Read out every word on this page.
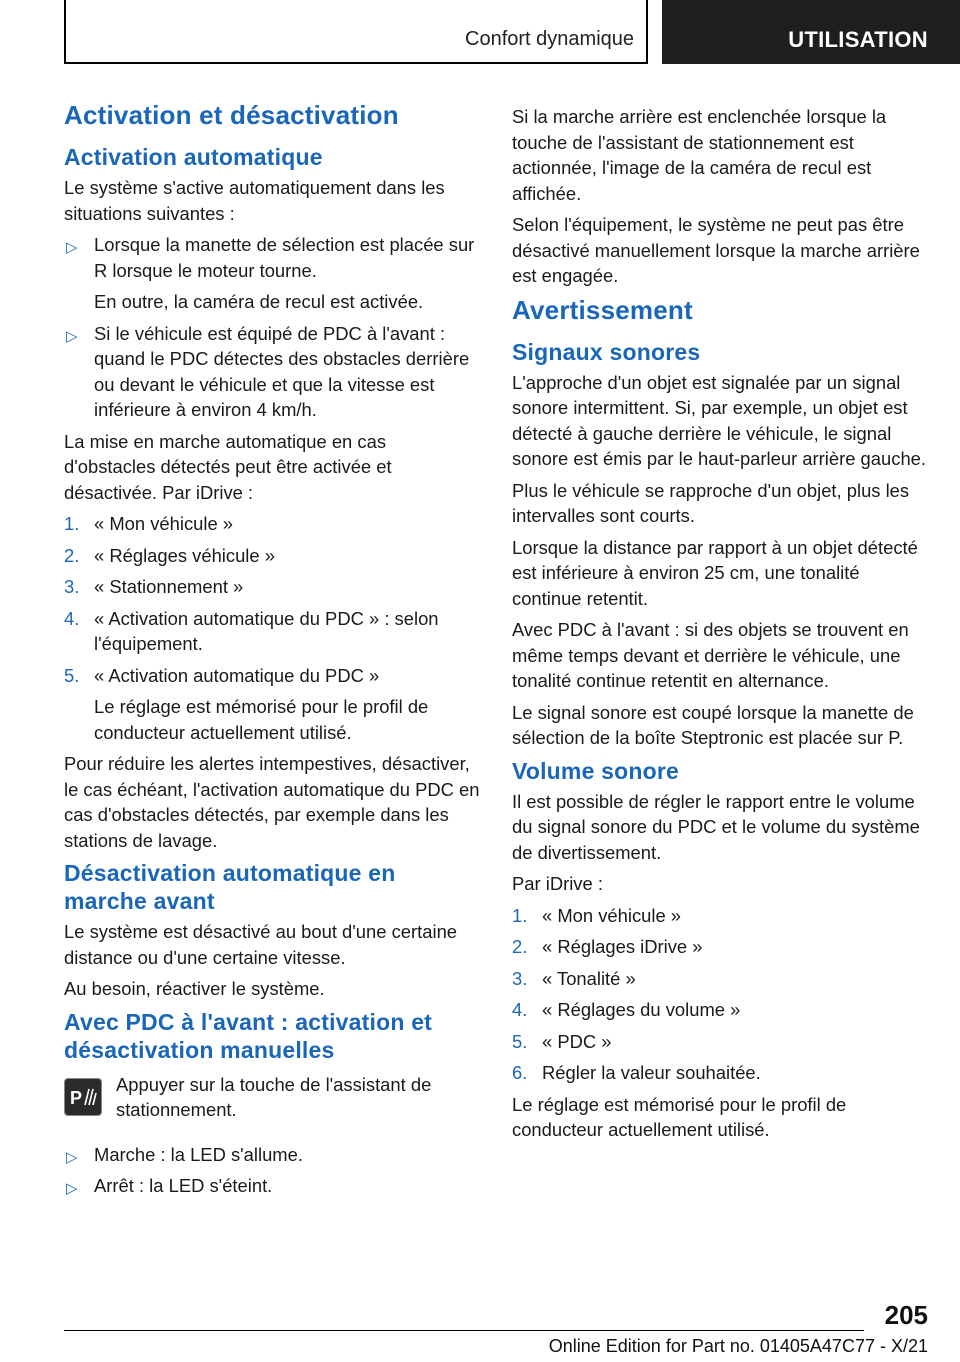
Confort dynamique	UTILISATION
Activation et désactivation
Activation automatique

Le système s'active automatiquement dans les situations suivantes :

▷ Lorsque la manette de sélection est placée sur R lorsque le moteur tourne.
En outre, la caméra de recul est activée.
▷ Si le véhicule est équipé de PDC à l'avant : quand le PDC détectes des obstacles derrière ou devant le véhicule et que la vitesse est inférieure à environ 4 km/h.

La mise en marche automatique en cas d'obstacles détectés peut être activée et désactivée. Par iDrive :

1. « Mon véhicule »
2. « Réglages véhicule »
3. « Stationnement »
4. « Activation automatique du PDC » : selon l'équipement.
5. « Activation automatique du PDC »
Le réglage est mémorisé pour le profil de conducteur actuellement utilisé.

Pour réduire les alertes intempestives, désactiver, le cas échéant, l'activation automatique du PDC en cas d'obstacles détectés, par exemple dans les stations de lavage.

Désactivation automatique en marche avant

Le système est désactivé au bout d'une certaine distance ou d'une certaine vitesse.

Au besoin, réactiver le système.

Avec PDC à l'avant : activation et désactivation manuelles
P

Appuyer sur la touche de l'assistant de stationnement.

▷ Marche : la LED s'allume.
▷ Arrêt : la LED s'éteint.

Si la marche arrière est enclenchée lorsque la touche de l'assistant de stationnement est actionnée, l'image de la caméra de recul est affichée.

Selon l'équipement, le système ne peut pas être désactivé manuellement lorsque la marche arrière est engagée.

Avertissement
Signaux sonores

L'approche d'un objet est signalée par un signal sonore intermittent. Si, par exemple, un objet est détecté à gauche derrière le véhicule, le signal sonore est émis par le haut-parleur arrière gauche.

Plus le véhicule se rapproche d'un objet, plus les intervalles sont courts.

Lorsque la distance par rapport à un objet détecté est inférieure à environ 25 cm, une tonalité continue retentit.

Avec PDC à l'avant : si des objets se trouvent en même temps devant et derrière le véhicule, une tonalité continue retentit en alternance.

Le signal sonore est coupé lorsque la manette de sélection de la boîte Steptronic est placée sur P.

Volume sonore

Il est possible de régler le rapport entre le volume du signal sonore du PDC et le volume du système de divertissement.

Par iDrive :

1. « Mon véhicule »
2. « Réglages iDrive »
3. « Tonalité »
4. « Réglages du volume »
5. « PDC »
6. Régler la valeur souhaitée.

Le réglage est mémorisé pour le profil de conducteur actuellement utilisé.

205
Online Edition for Part no. 01405A47C77 - X/21
